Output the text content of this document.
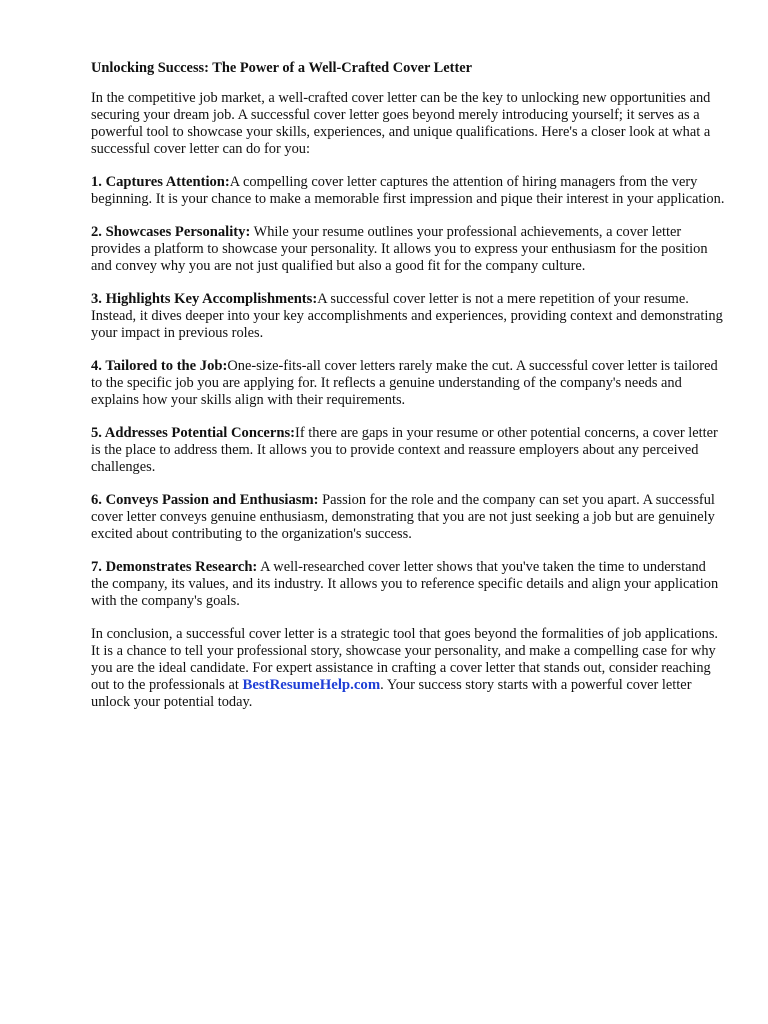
Unlocking Success: The Power of a Well-Crafted Cover Letter
In the competitive job market, a well-crafted cover letter can be the key to unlocking new opportunities and securing your dream job. A successful cover letter goes beyond merely introducing yourself; it serves as a powerful tool to showcase your skills, experiences, and unique qualifications. Here's a closer look at what a successful cover letter can do for you:
1. Captures Attention:A compelling cover letter captures the attention of hiring managers from the very beginning. It is your chance to make a memorable first impression and pique their interest in your application.
2. Showcases Personality: While your resume outlines your professional achievements, a cover letter provides a platform to showcase your personality. It allows you to express your enthusiasm for the position and convey why you are not just qualified but also a good fit for the company culture.
3. Highlights Key Accomplishments:A successful cover letter is not a mere repetition of your resume. Instead, it dives deeper into your key accomplishments and experiences, providing context and demonstrating your impact in previous roles.
4. Tailored to the Job:One-size-fits-all cover letters rarely make the cut. A successful cover letter is tailored to the specific job you are applying for. It reflects a genuine understanding of the company's needs and explains how your skills align with their requirements.
5. Addresses Potential Concerns:If there are gaps in your resume or other potential concerns, a cover letter is the place to address them. It allows you to provide context and reassure employers about any perceived challenges.
6. Conveys Passion and Enthusiasm: Passion for the role and the company can set you apart. A successful cover letter conveys genuine enthusiasm, demonstrating that you are not just seeking a job but are genuinely excited about contributing to the organization's success.
7. Demonstrates Research: A well-researched cover letter shows that you've taken the time to understand the company, its values, and its industry. It allows you to reference specific details and align your application with the company's goals.
In conclusion, a successful cover letter is a strategic tool that goes beyond the formalities of job applications. It is a chance to tell your professional story, showcase your personality, and make a compelling case for why you are the ideal candidate. For expert assistance in crafting a cover letter that stands out, consider reaching out to the professionals at BestResumeHelp.com. Your success story starts with a powerful cover letter    unlock your potential today.
